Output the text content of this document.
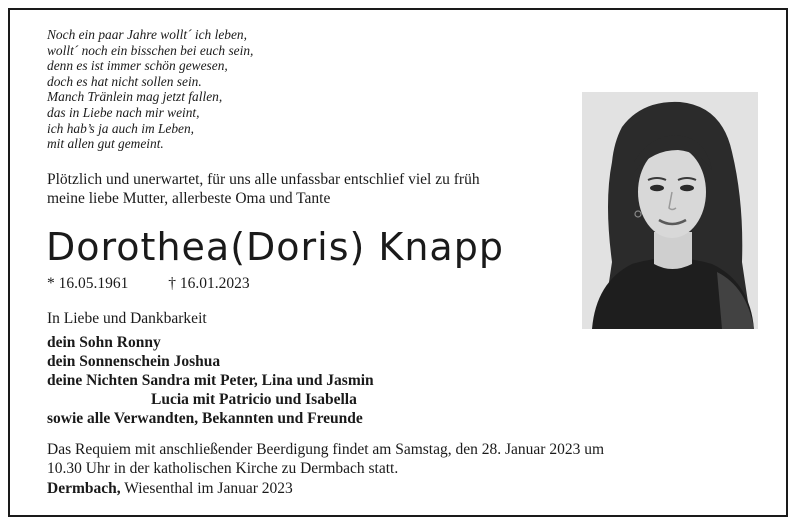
Noch ein paar Jahre wollt´ ich leben,
wollt´ noch ein bisschen bei euch sein,
denn es ist immer schön gewesen,
doch es hat nicht sollen sein.
Manch Tränlein mag jetzt fallen,
das in Liebe nach mir weint,
ich hab’s ja auch im Leben,
mit allen gut gemeint.
Plötzlich und unerwartet, für uns alle unfassbar entschlief viel zu früh
meine liebe Mutter, allerbeste Oma und Tante
Dorothea(Doris) Knapp
* 16.05.1961	† 16.01.2023
In Liebe und Dankbarkeit
dein Sohn Ronny
dein Sonnenschein Joshua
deine Nichten Sandra mit Peter, Lina und Jasmin
Lucia mit Patricio und Isabella
sowie alle Verwandten, Bekannten und Freunde
Das Requiem mit anschließender Beerdigung findet am Samstag, den 28. Januar 2023 um
10.30 Uhr in der katholischen Kirche zu Dermbach statt.
Dermbach, Wiesenthal im Januar 2023
